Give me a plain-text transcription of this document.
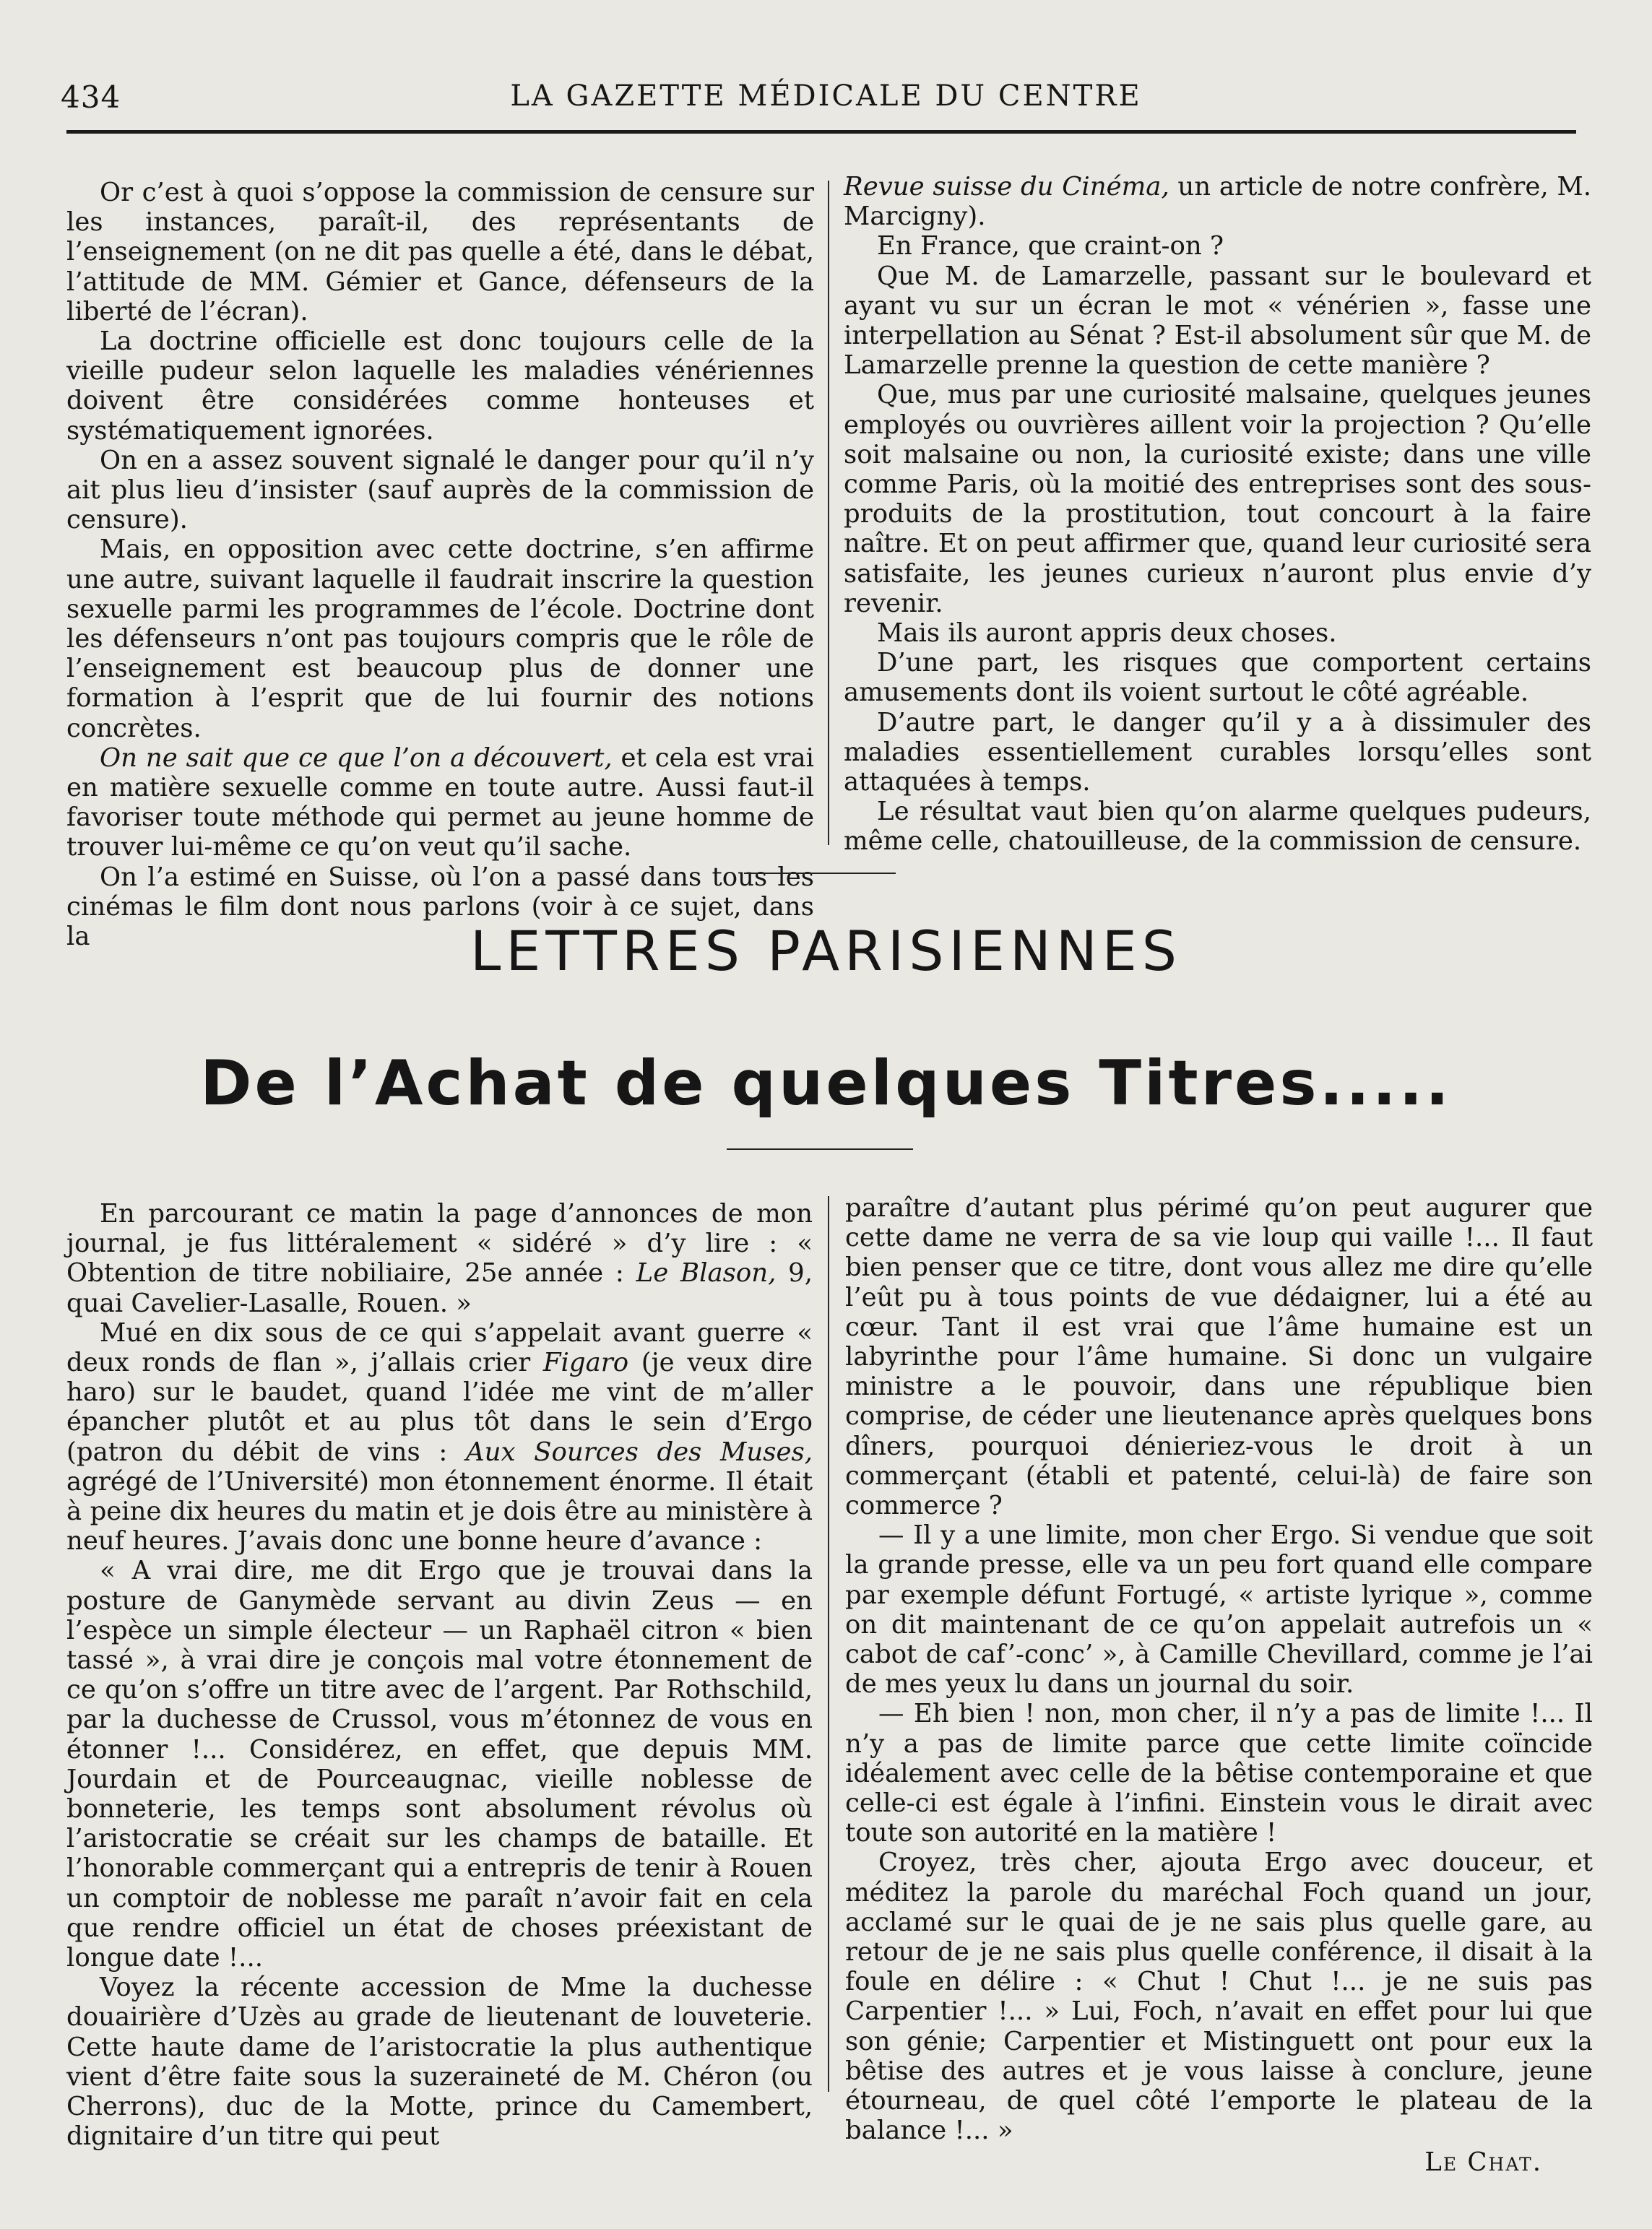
434	LA GAZETTE MÉDICALE DU CENTRE

Or c’est à quoi s’oppose la commission de censure sur les instances, paraît-il, des représentants de l’enseignement (on ne dit pas quelle a été, dans le débat, l’attitude de MM. Gémier et Gance, défenseurs de la liberté de l’écran).

La doctrine officielle est donc toujours celle de la vieille pudeur selon laquelle les maladies vénériennes doivent être considérées comme honteuses et systématiquement ignorées.

On en a assez souvent signalé le danger pour qu’il n’y ait plus lieu d’insister (sauf auprès de la commission de censure).

Mais, en opposition avec cette doctrine, s’en affirme une autre, suivant laquelle il faudrait inscrire la question sexuelle parmi les programmes de l’école. Doctrine dont les défenseurs n’ont pas toujours compris que le rôle de l’enseignement est beaucoup plus de donner une formation à l’esprit que de lui fournir des notions concrètes.

On ne sait que ce que l’on a découvert, et cela est vrai en matière sexuelle comme en toute autre. Aussi faut-il favoriser toute méthode qui permet au jeune homme de trouver lui-même ce qu’on veut qu’il sache.

On l’a estimé en Suisse, où l’on a passé dans tous les cinémas le film dont nous parlons (voir à ce sujet, dans la

Revue suisse du Cinéma, un article de notre confrère, M. Marcigny).

En France, que craint-on ?

Que M. de Lamarzelle, passant sur le boulevard et ayant vu sur un écran le mot « vénérien », fasse une interpellation au Sénat ? Est-il absolument sûr que M. de Lamarzelle prenne la question de cette manière ?

Que, mus par une curiosité malsaine, quelques jeunes employés ou ouvrières aillent voir la projection ? Qu’elle soit malsaine ou non, la curiosité existe; dans une ville comme Paris, où la moitié des entreprises sont des sous-produits de la prostitution, tout concourt à la faire naître. Et on peut affirmer que, quand leur curiosité sera satisfaite, les jeunes curieux n’auront plus envie d’y revenir.

Mais ils auront appris deux choses.

D’une part, les risques que comportent certains amusements dont ils voient surtout le côté agréable.

D’autre part, le danger qu’il y a à dissimuler des maladies essentiellement curables lorsqu’elles sont attaquées à temps.

Le résultat vaut bien qu’on alarme quelques pudeurs, même celle, chatouilleuse, de la commission de censure.

LETTRES PARISIENNES
De l’Achat de quelques Titres.....

En parcourant ce matin la page d’annonces de mon journal, je fus littéralement « sidéré » d’y lire : « Obtention de titre nobiliaire, 25e année : Le Blason, 9, quai Cavelier-Lasalle, Rouen. »

Mué en dix sous de ce qui s’appelait avant guerre « deux ronds de flan », j’allais crier Figaro (je veux dire haro) sur le baudet, quand l’idée me vint de m’aller épancher plutôt et au plus tôt dans le sein d’Ergo (patron du débit de vins : Aux Sources des Muses, agrégé de l’Université) mon étonnement énorme. Il était à peine dix heures du matin et je dois être au ministère à neuf heures. J’avais donc une bonne heure d’avance :

« A vrai dire, me dit Ergo que je trouvai dans la posture de Ganymède servant au divin Zeus — en l’espèce un simple électeur — un Raphaël citron « bien tassé », à vrai dire je conçois mal votre étonnement de ce qu’on s’offre un titre avec de l’argent. Par Rothschild, par la duchesse de Crussol, vous m’étonnez de vous en étonner !... Considérez, en effet, que depuis MM. Jourdain et de Pourceaugnac, vieille noblesse de bonneterie, les temps sont absolument révolus où l’aristocratie se créait sur les champs de bataille. Et l’honorable commerçant qui a entrepris de tenir à Rouen un comptoir de noblesse me paraît n’avoir fait en cela que rendre officiel un état de choses préexistant de longue date !...

Voyez la récente accession de Mme la duchesse douairière d’Uzès au grade de lieutenant de louveterie. Cette haute dame de l’aristocratie la plus authentique vient d’être faite sous la suzeraineté de M. Chéron (ou Cherrons), duc de la Motte, prince du Camembert, dignitaire d’un titre qui peut

paraître d’autant plus périmé qu’on peut augurer que cette dame ne verra de sa vie loup qui vaille !... Il faut bien penser que ce titre, dont vous allez me dire qu’elle l’eût pu à tous points de vue dédaigner, lui a été au cœur. Tant il est vrai que l’âme humaine est un labyrinthe pour l’âme humaine. Si donc un vulgaire ministre a le pouvoir, dans une république bien comprise, de céder une lieutenance après quelques bons dîners, pourquoi dénieriez-vous le droit à un commerçant (établi et patenté, celui-là) de faire son commerce ?

— Il y a une limite, mon cher Ergo. Si vendue que soit la grande presse, elle va un peu fort quand elle compare par exemple défunt Fortugé, « artiste lyrique », comme on dit maintenant de ce qu’on appelait autrefois un « cabot de caf’-conc’ », à Camille Chevillard, comme je l’ai de mes yeux lu dans un journal du soir.

— Eh bien ! non, mon cher, il n’y a pas de limite !... Il n’y a pas de limite parce que cette limite coïncide idéalement avec celle de la bêtise contemporaine et que celle-ci est égale à l’infini. Einstein vous le dirait avec toute son autorité en la matière !

Croyez, très cher, ajouta Ergo avec douceur, et méditez la parole du maréchal Foch quand un jour, acclamé sur le quai de je ne sais plus quelle gare, au retour de je ne sais plus quelle conférence, il disait à la foule en délire : « Chut ! Chut !... je ne suis pas Carpentier !... » Lui, Foch, n’avait en effet pour lui que son génie; Carpentier et Mistinguett ont pour eux la bêtise des autres et je vous laisse à conclure, jeune étourneau, de quel côté l’emporte le plateau de la balance !... »

Le Chat.
